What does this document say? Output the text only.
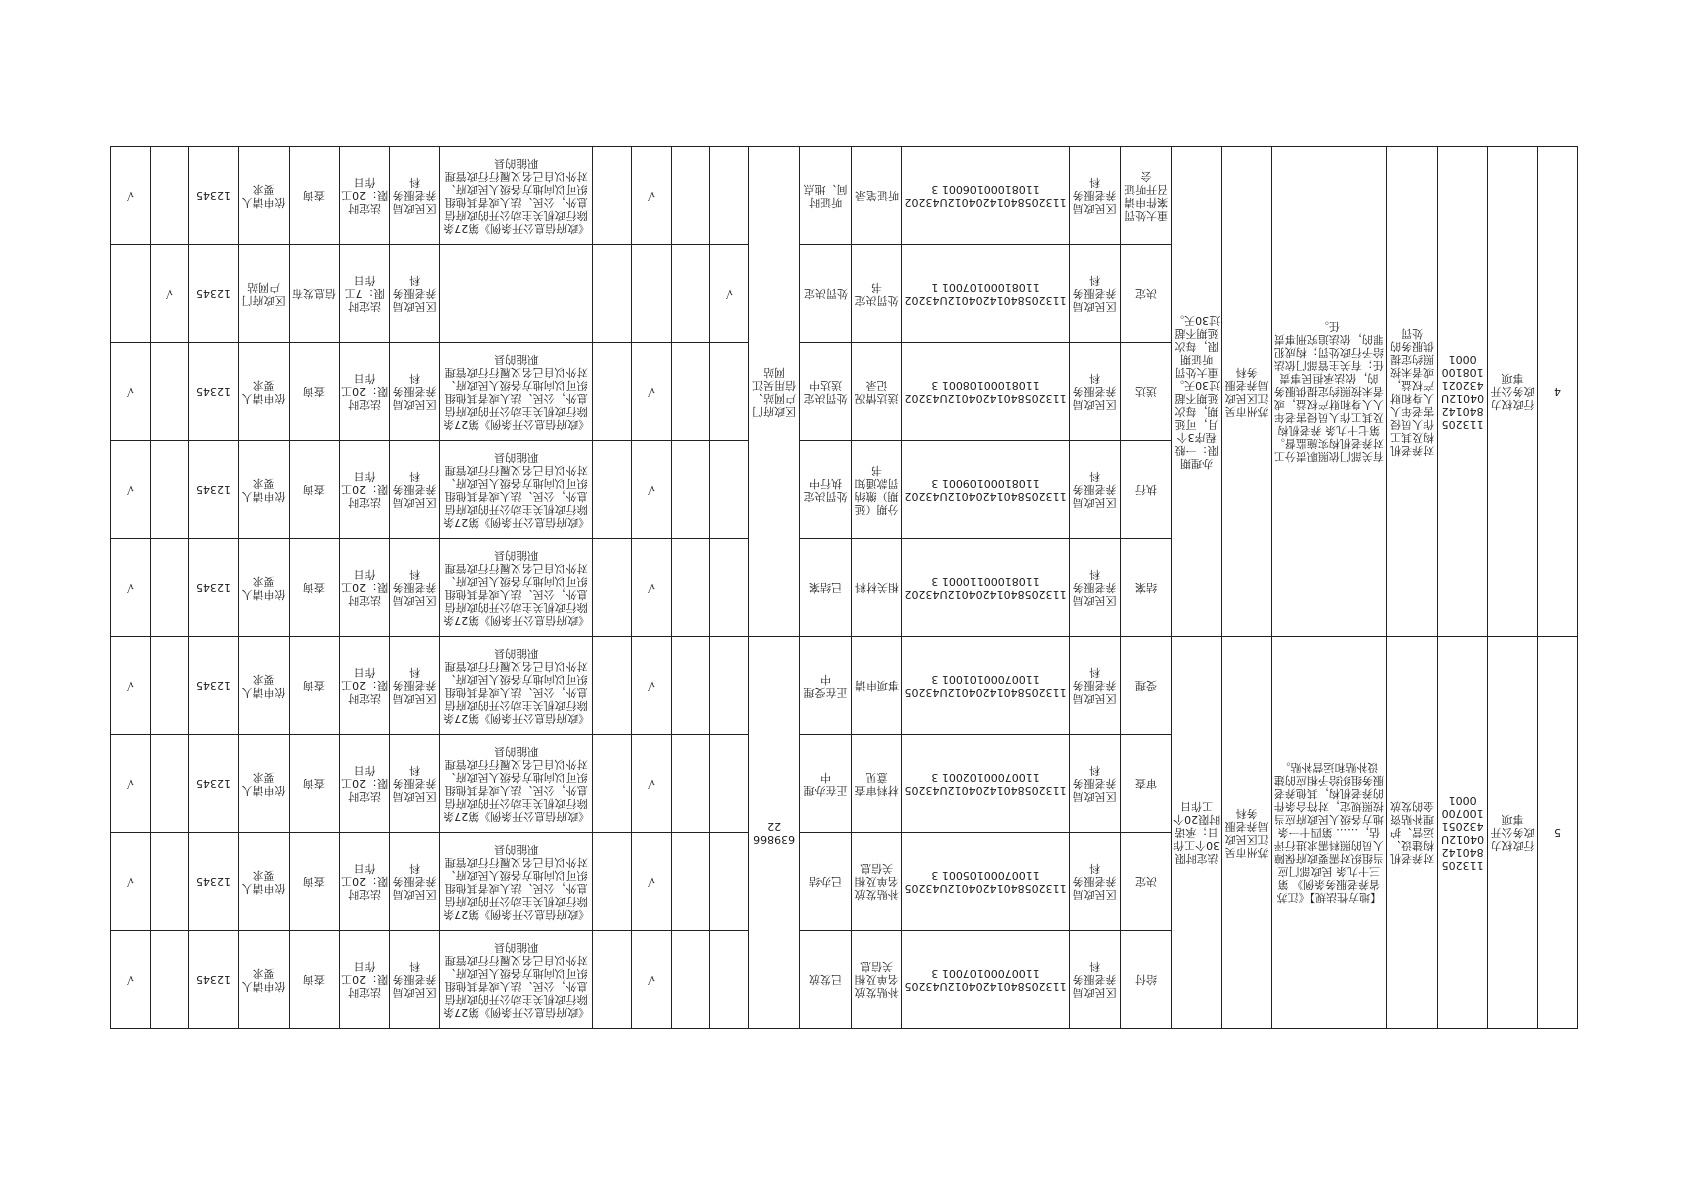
√		12345	依申请人要求	查询	法定时限：20工作日	区民政局养老服务科	《政府信息公开条例》第27条 除行政机关主动公开的政府信息外，公民、法人或者其他组织可以向地方各级人民政府、对外以自己名义履行行政管理职能的县		√			区政府门户网站、信用吴江网站	听证时间、地点	听证笔录	11320584014204012U4320211081000106001 3	区民政局养老服务科	重大处罚案件申请召开听证会	办理期限：一般程序3个月，可延期，每次延期不超过30天。重大处罚听证期限，每次延期不超过30天。	苏州市吴江区民政局养老服务科	有关部门依照职责分工对养老机构实施监督。第七十九条 养老机构及其工作人员侵害老年人人身和财产权益，或者未按照约定提供服务的，依法承担民事责任；有关主管部门依法给予行政处罚；构成犯罪的，依法追究刑事责任。	对养老机构及其工作人员侵害老年人人身和财产权益，或者未按照约定提供服务的处罚	11320584014204012U4320211081000001	行政权力政务公开事项	4

	√	12345	区政府门户网站	信息发布	法定时限：7工作日	区民政局养老服务科					√		处罚决定	处罚决定书	11320584014204012U4320211081000107001 1	区民政局养老服务科	决定							
√		12345	依申请人要求	查询	法定时限：20工作日	区民政局养老服务科	《政府信息公开条例》第27条 除行政机关主动公开的政府信息外，公民、法人或者其他组织可以向地方各级人民政府、对外以自己名义履行行政管理职能的县		√				处罚决定送达中	送达情况记录	11320584014204012U4320211081000108001 3	区民政局养老服务科	送达							
√		12345	依申请人要求	查询	法定时限：20工作日	区民政局养老服务科	《政府信息公开条例》第27条 除行政机关主动公开的政府信息外，公民、法人或者其他组织可以向地方各级人民政府、对外以自己名义履行行政管理职能的县		√				处罚决定执行中	分期（延期）缴纳罚款通知书	11320584014204012U4320211081000109001 3	区民政局养老服务科	执行							
√		12345	依申请人要求	查询	法定时限：20工作日	区民政局养老服务科	《政府信息公开条例》第27条 除行政机关主动公开的政府信息外，公民、法人或者其他组织可以向地方各级人民政府、对外以自己名义履行行政管理职能的县		√				已结案	相关材料	11320584014204012U4320211081000110001 3	区民政局养老服务科	结案							
√		12345	依申请人要求	查询	法定时限：20工作日	区民政局养老服务科	《政府信息公开条例》第27条 除行政机关主动公开的政府信息外，公民、法人或者其他组织可以向地方各级人民政府、对外以自己名义履行行政管理职能的县		√			63986622	正在受理中	事项申请	11320584014204012U4320511007000101001 3	区民政局养老服务科	受理	法定时限30个工作日；承诺时限20个工作日	苏州市吴江区民政局养老服务科	【地方性法规】《江苏省养老服务条例》 第三十九条 民政部门应当组织对需要政府保障人员的照料需求进行评估，…… 第四十一条 地方各级人民政府应当按照规定，对符合条件的养老机构，其他养老服务组织给予相应的建设补贴和运营补贴。	对养老机构建设、运营、护理补贴资金的发放	11320584014204012U4320511007000001	行政权力政务公开事项	5

√		12345	依申请人要求	查询	法定时限：20工作日	区民政局养老服务科	《政府信息公开条例》第27条 除行政机关主动公开的政府信息外，公民、法人或者其他组织可以向地方各级人民政府、对外以自己名义履行行政管理职能的县		√				正在办理中	材料审查意见	11320584014204012U4320511007000102001 3	区民政局养老服务科	审查							
√		12345	依申请人要求	查询	法定时限：20工作日	区民政局养老服务科	《政府信息公开条例》第27条 除行政机关主动公开的政府信息外，公民、法人或者其他组织可以向地方各级人民政府、对外以自己名义履行行政管理职能的县		√				已办结	补贴发放名单及相关信息	11320584014204012U4320511007000105001 3	区民政局养老服务科	决定							
√		12345	依申请人要求	查询	法定时限：20工作日	区民政局养老服务科	《政府信息公开条例》第27条 除行政机关主动公开的政府信息外，公民、法人或者其他组织可以向地方各级人民政府、对外以自己名义履行行政管理职能的县		√				已发放	补贴发放名单及相关信息	11320584014204012U4320511007000107001 3	区民政局养老服务科	给付							
